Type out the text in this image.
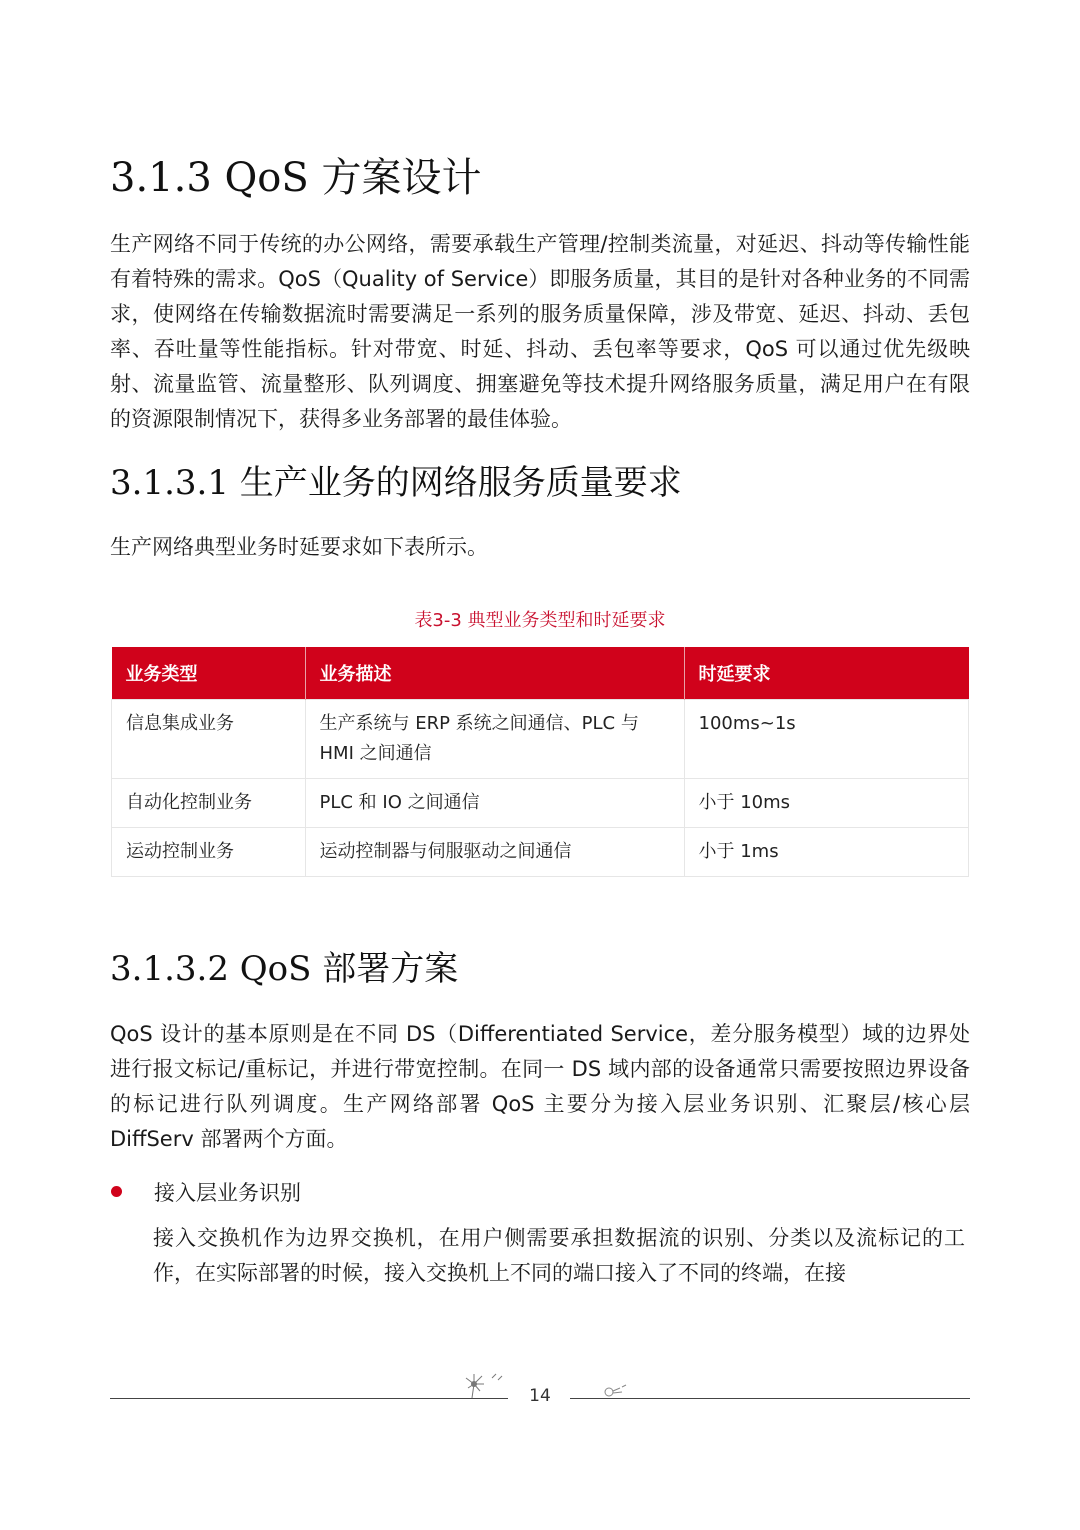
3.1.3 QoS 方案设计

生产网络不同于传统的办公网络，需要承载生产管理/控制类流量，对延迟、抖动等传输性能有着特殊的需求。QoS（Quality of Service）即服务质量，其目的是针对各种业务的不同需求，使网络在传输数据流时需要满足一系列的服务质量保障，涉及带宽、延迟、抖动、丢包率、吞吐量等性能指标。针对带宽、时延、抖动、丢包率等要求，QoS 可以通过优先级映射、流量监管、流量整形、队列调度、拥塞避免等技术提升网络服务质量，满足用户在有限的资源限制情况下，获得多业务部署的最佳体验。

3.1.3.1 生产业务的网络服务质量要求

生产网络典型业务时延要求如下表所示。

表3-3 典型业务类型和时延要求
业务类型	业务描述	时延要求
信息集成业务	生产系统与 ERP 系统之间通信、PLC 与 HMI 之间通信	100ms~1s
自动化控制业务	PLC 和 IO 之间通信	小于 10ms
运动控制业务	运动控制器与伺服驱动之间通信	小于 1ms
3.1.3.2 QoS 部署方案

QoS 设计的基本原则是在不同 DS（Differentiated Service，差分服务模型）域的边界处进行报文标记/重标记，并进行带宽控制。在同一 DS 域内部的设备通常只需要按照边界设备的标记进行队列调度。生产网络部署 QoS 主要分为接入层业务识别、汇聚层/核心层 DiffServ 部署两个方面。

接入层业务识别

接入交换机作为边界交换机，在用户侧需要承担数据流的识别、分类以及流标记的工作，在实际部署的时候，接入交换机上不同的端口接入了不同的终端，在接

14
